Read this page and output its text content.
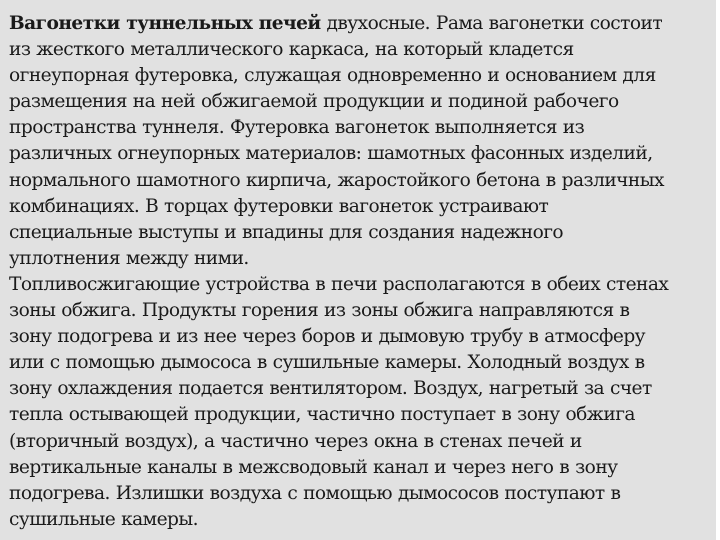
Вагонетки туннельных печей двухосные. Рама вагонетки состоит
из жесткого металлического каркаса, на который кладется
огнеупорная футеровка, служащая одновременно и основанием для
размещения на ней обжигаемой продукции и подиной рабочего
пространства туннеля. Футеровка вагонеток выполняется из
различных огнеупорных материалов: шамотных фасонных изделий,
нормального шамотного кирпича, жаростойкого бетона в различных
комбинациях. В торцах футеровки вагонеток устраивают
специальные выступы и впадины для создания надежного
уплотнения между ними.
Топливосжигающие устройства в печи располагаются в обеих стенах
зоны обжига. Продукты горения из зоны обжига направляются в
зону подогрева и из нее через боров и дымовую трубу в атмосферу
или с помощью дымососа в сушильные камеры. Холодный воздух в
зону охлаждения подается вентилятором. Воздух, нагретый за счет
тепла остывающей продукции, частично поступает в зону обжига
(вторичный воздух), а частично через окна в стенах печей и
вертикальные каналы в межсводовый канал и через него в зону
подогрева. Излишки воздуха с помощью дымососов поступают в
сушильные камеры.
